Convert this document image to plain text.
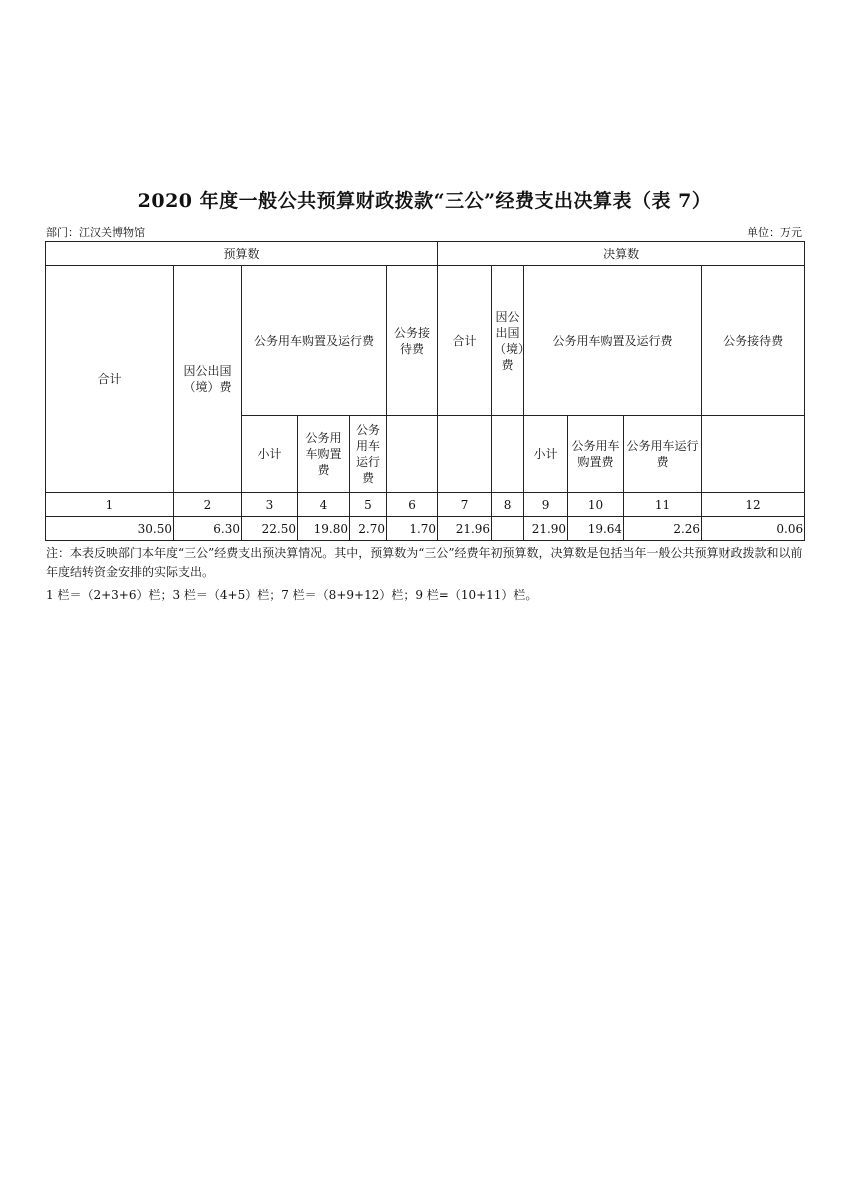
2020 年度一般公共预算财政拨款“三公”经费支出决算表（表 7）
部门：江汉关博物馆	单位：万元
预算数						决算数					
合计	因公出国（境）费	公务用车购置及运行费			公务接待费	合计	因公出国（境）费	公务用车购置及运行费			公务接待费
		小计	公务用车购置费	公务用车运行费				小计	公务用车购置费	公务用车运行费	
1	2	3	4	5	6	7	8	9	10	11	12
30.50	6.30	22.50	19.80	2.70	1.70	21.96		21.90	19.64	2.26	0.06

注：本表反映部门本年度“三公”经费支出预决算情况。其中，预算数为“三公”经费年初预算数，决算数是包括当年一般公共预算财政拨款和以前年度结转资金安排的实际支出。

1 栏＝（2+3+6）栏；3 栏＝（4+5）栏；7 栏＝（8+9+12）栏；9 栏=（10+11）栏。
